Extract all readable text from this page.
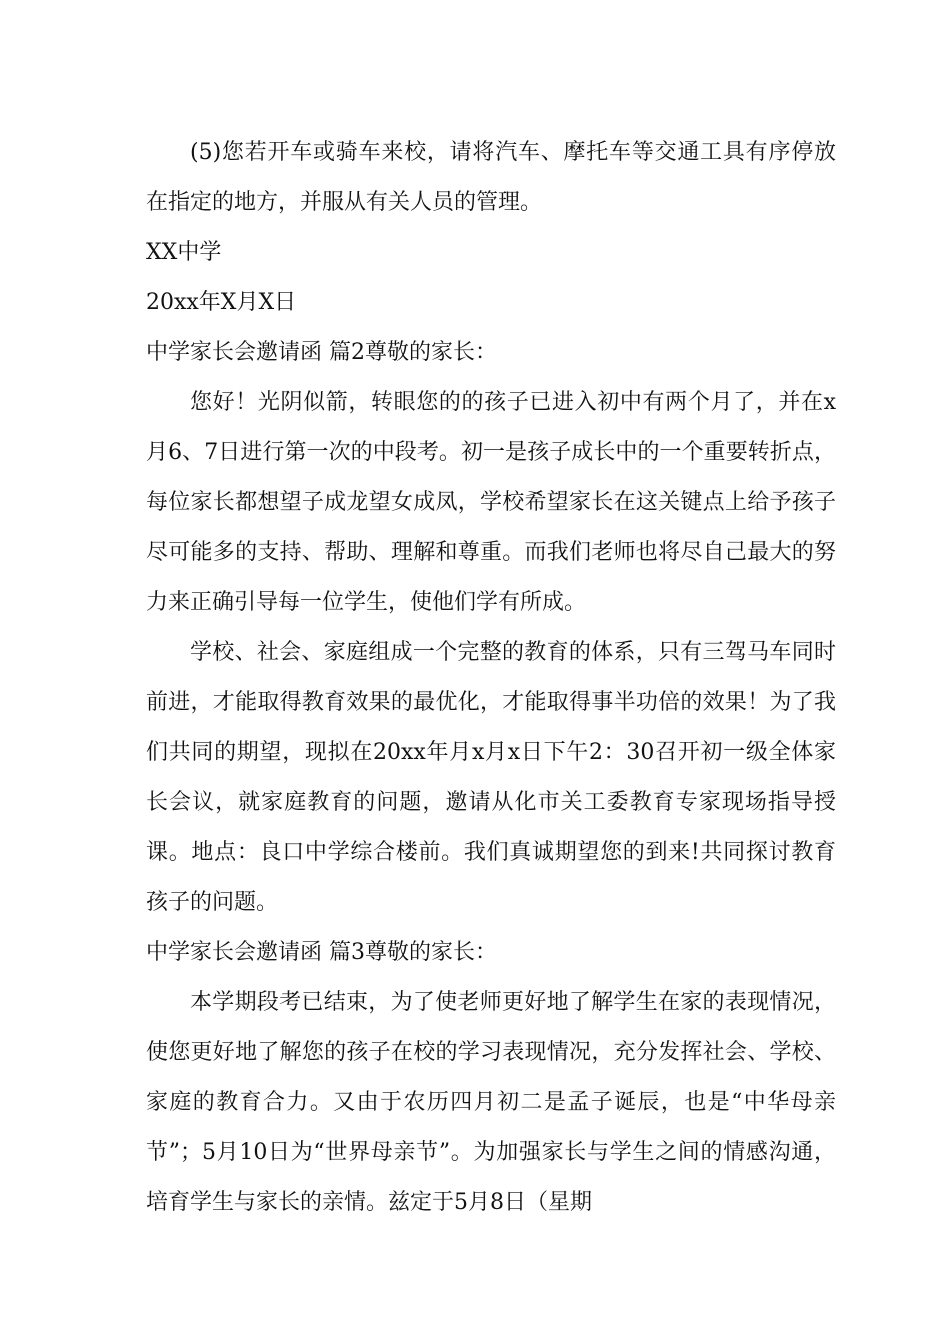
(5)您若开车或骑车来校，请将汽车、摩托车等交通工具有序停放在指定的地方，并服从有关人员的管理。

XX中学

20xx年X月X日

中学家长会邀请函 篇2尊敬的家长：

您好！光阴似箭，转眼您的的孩子已进入初中有两个月了，并在x月6、7日进行第一次的中段考。初一是孩子成长中的一个重要转折点，每位家长都想望子成龙望女成凤，学校希望家长在这关键点上给予孩子尽可能多的支持、帮助、理解和尊重。而我们老师也将尽自己最大的努力来正确引导每一位学生，使他们学有所成。

学校、社会、家庭组成一个完整的教育的体系，只有三驾马车同时前进，才能取得教育效果的最优化，才能取得事半功倍的效果！为了我们共同的期望，现拟在20xx年月x月x日下午2：30召开初一级全体家长会议，就家庭教育的问题，邀请从化市关工委教育专家现场指导授课。地点：良口中学综合楼前。我们真诚期望您的到来!共同探讨教育孩子的问题。

中学家长会邀请函 篇3尊敬的家长：

本学期段考已结束，为了使老师更好地了解学生在家的表现情况，使您更好地了解您的孩子在校的学习表现情况，充分发挥社会、学校、家庭的教育合力。又由于农历四月初二是孟子诞辰，也是“中华母亲节”；5月10日为“世界母亲节”。为加强家长与学生之间的情感沟通，培育学生与家长的亲情。兹定于5月8日（星期
